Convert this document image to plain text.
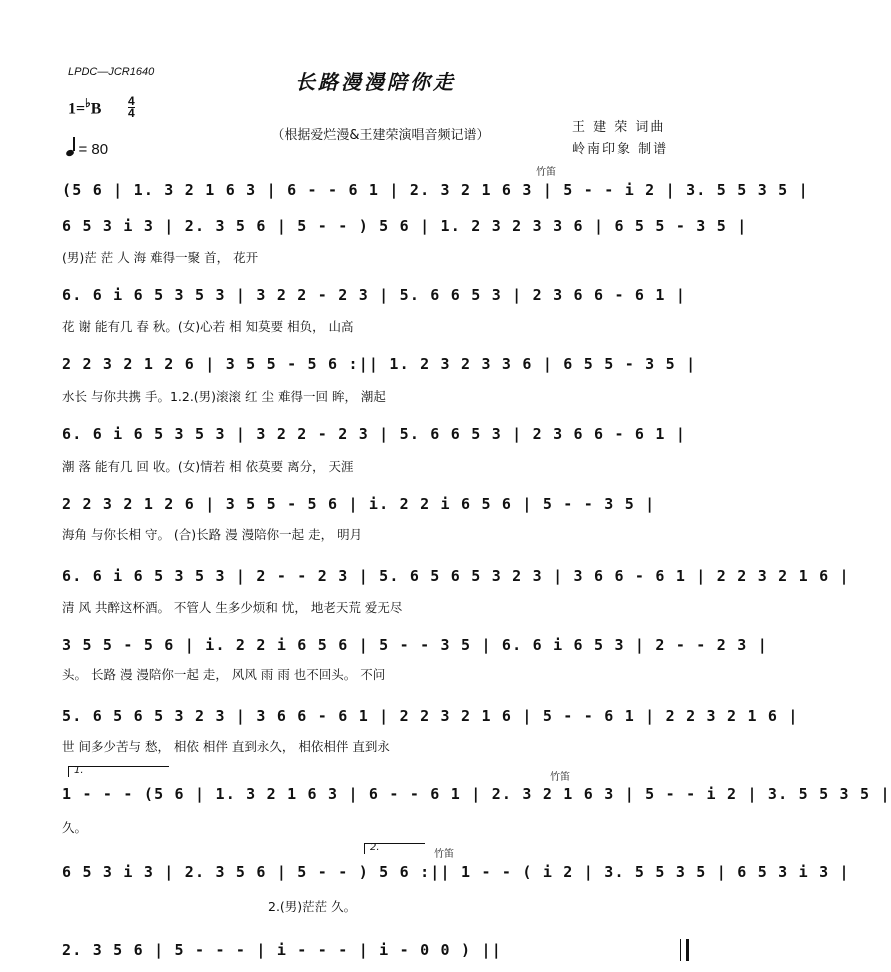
LPDC—JCR1640	长路漫漫陪你走
（根据爱烂漫&王建荣演唱音频记谱）
1=♭B 4
4
= 80
王 建 荣 词曲
岭南印象 制谱
竹笛
竹笛
竹笛
1.
2.
(5 6 | 1. 3 2 1 6 3 | 6 - - 6 1 | 2. 3 2 1 6 3 | 5 - - i 2 | 3. 5 5 3 5 |
6 5 3 i 3 | 2. 3 5 6 | 5 - - ) 5 6 | 1. 2 3 2 3 3 6 | 6 5 5 - 3 5 |
(男)茫 茫 人 海 难得一聚 首， 花开
6. 6 i 6 5 3 5 3 | 3 2 2 - 2 3 | 5. 6 6 5 3 | 2 3 6 6 - 6 1 |
花 谢 能有几 春 秋。(女)心若 相 知莫要 相负， 山高
2 2 3 2 1 2 6 | 3 5 5 - 5 6 :|| 1. 2 3 2 3 3 6 | 6 5 5 - 3 5 |
水长 与你共携 手。1.2.(男)滚滚 红 尘 难得一回 眸， 潮起
6. 6 i 6 5 3 5 3 | 3 2 2 - 2 3 | 5. 6 6 5 3 | 2 3 6 6 - 6 1 |
潮 落 能有几 回 收。(女)情若 相 依莫要 离分， 天涯
2 2 3 2 1 2 6 | 3 5 5 - 5 6 | i. 2 2 i 6 5 6 | 5 - - 3 5 |
海角 与你长相 守。 (合)长路 漫 漫陪你一起 走， 明月
6. 6 i 6 5 3 5 3 | 2 - - 2 3 | 5. 6 5 6 5 3 2 3 | 3 6 6 - 6 1 | 2 2 3 2 1 6 |
清 风 共醉这杯酒。 不管人 生多少烦和 忧， 地老天荒 爱无尽
3 5 5 - 5 6 | i. 2 2 i 6 5 6 | 5 - - 3 5 | 6. 6 i 6 5 3 | 2 - - 2 3 |
头。 长路 漫 漫陪你一起 走， 风风 雨 雨 也不回头。 不问
5. 6 5 6 5 3 2 3 | 3 6 6 - 6 1 | 2 2 3 2 1 6 | 5 - - 6 1 | 2 2 3 2 1 6 |
世 间多少苦与 愁， 相依 相伴 直到永久， 相依相伴 直到永
1 - - - (5 6 | 1. 3 2 1 6 3 | 6 - - 6 1 | 2. 3 2 1 6 3 | 5 - - i 2 | 3. 5 5 3 5 |
久。
6 5 3 i 3 | 2. 3 5 6 | 5 - - ) 5 6 :|| 1 - - ( i 2 | 3. 5 5 3 5 | 6 5 3 i 3 |
2.(男)茫茫 久。
2. 3 5 6 | 5 - - - | i - - - | i - 0 0 ) ||
